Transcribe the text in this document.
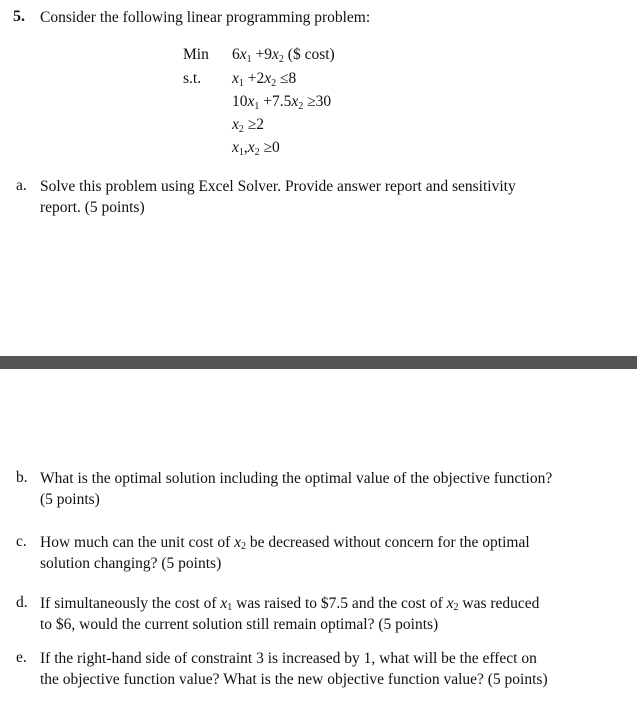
5. Consider the following linear programming problem:
Min
s.t.
$6x_1 +9x_2$ ($ cost)
$x_1 +2x_2 \le 8$
$10x_1 +7.5x_2 \ge 30$
$x_2 \ge 2$
$x_1,x_2 \ge 0$
a. Solve this problem using Excel Solver. Provide answer report and sensitivity
report. (5 points)
b. What is the optimal solution including the optimal value of the objective function?
(5 points)
c. How much can the unit cost of $x_2$ be decreased without concern for the optimal
solution changing? (5 points)
d. If simultaneously the cost of $x_1$ was raised to $7.5 and the cost of $x_2$ was reduced
to $6, would the current solution still remain optimal? (5 points)
e. If the right-hand side of constraint 3 is increased by 1, what will be the effect on
the objective function value? What is the new objective function value? (5 points)
